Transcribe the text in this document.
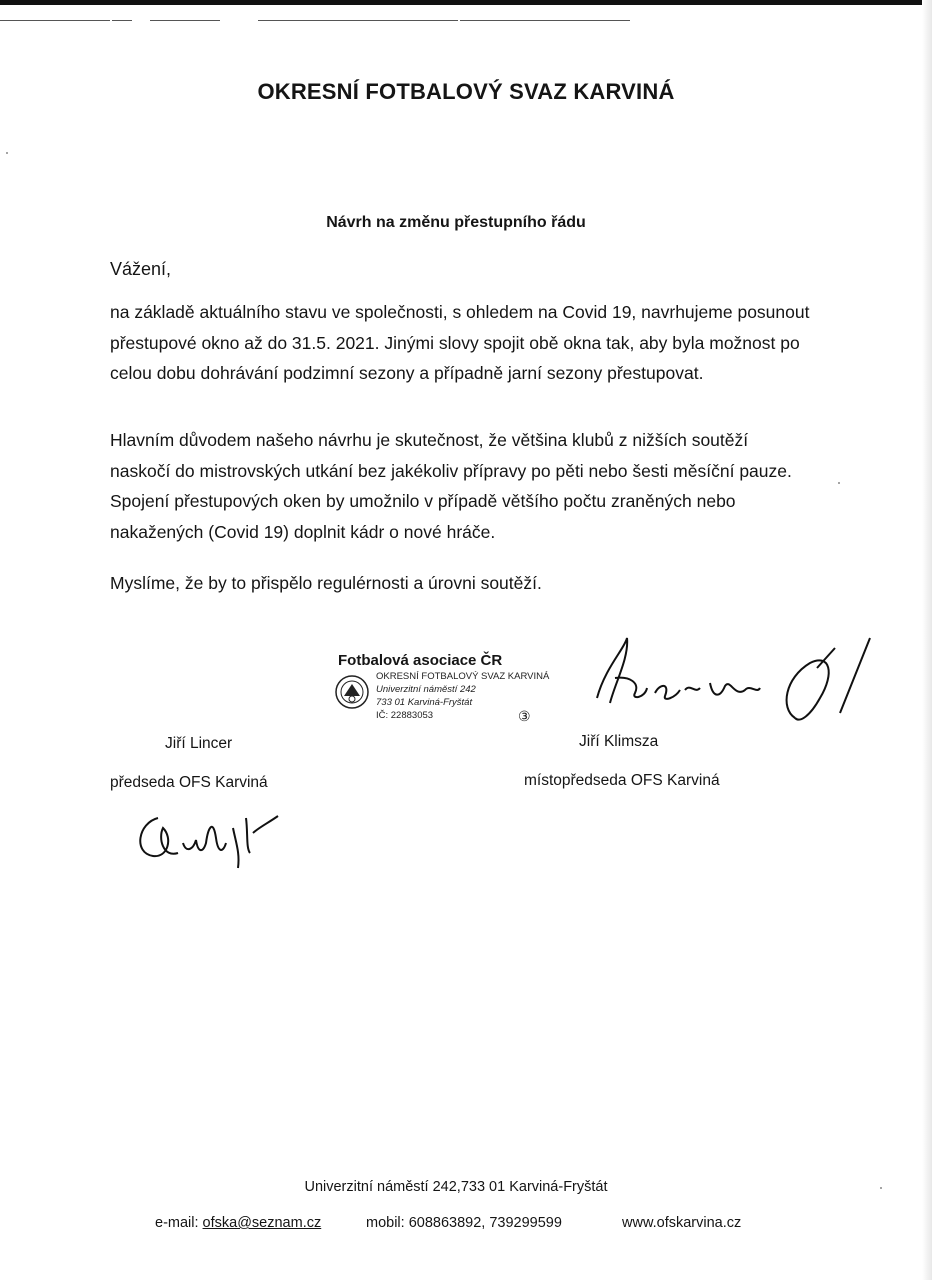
OKRESNÍ FOTBALOVÝ SVAZ KARVINÁ
Návrh na změnu přestupního řádu
Vážení,

na základě aktuálního stavu ve společnosti, s ohledem na Covid 19, navrhujeme posunout přestupové okno až do 31.5. 2021. Jinými slovy spojit obě okna tak, aby byla možnost po celou dobu dohrávání podzimní sezony a případně jarní sezony přestupovat.

Hlavním důvodem našeho návrhu je skutečnost, že většina klubů z nižších soutěží naskočí do mistrovských utkání bez jakékoliv přípravy po pěti nebo šesti měsíční pauze. Spojení přestupových oken by umožnilo v případě většího počtu zraněných nebo nakažených (Covid 19) doplnit kádr o nové hráče.

Myslíme, že by to přispělo regulérnosti a úrovni soutěží.

Fotbalová asociace ČR
OKRESNÍ FOTBALOVÝ SVAZ KARVINÁ
Univerzitní náměstí 242
733 01 Karviná-Fryštát
IČ: 22883053	③
Jiří Lincer
předseda OFS Karviná
Jiří Klimsza
místopředseda OFS Karviná
Univerzitní náměstí 242,733 01 Karviná-Fryštát
e-mail: ofska@seznam.cz	mobil: 608863892, 739299599	www.ofskarvina.cz
